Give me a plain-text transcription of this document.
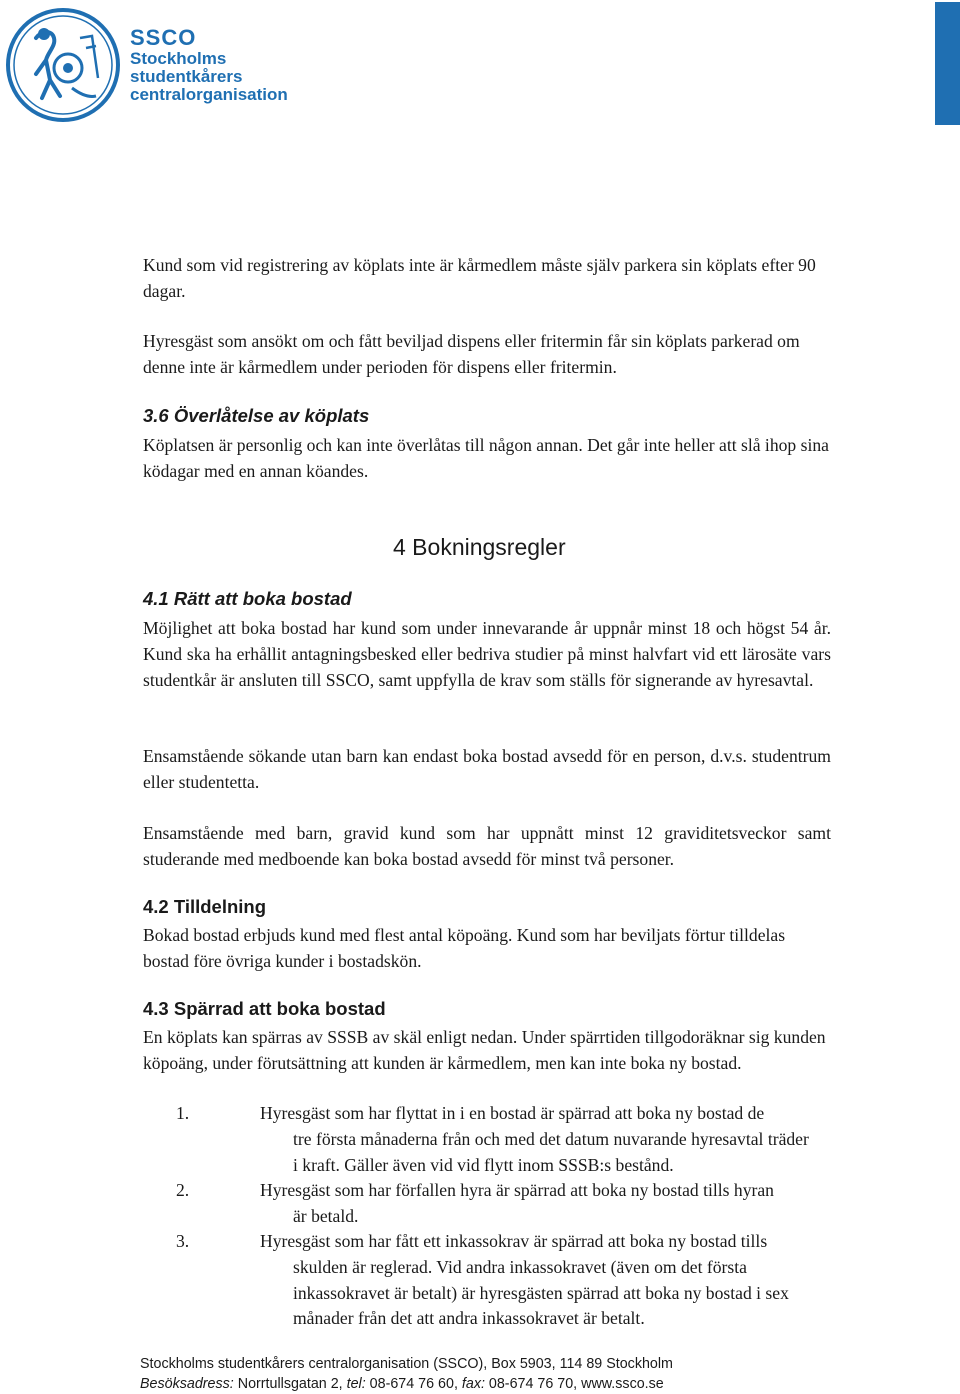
SSCO
Stockholms
studentkårers
centralorganisation

Kund som vid registrering av köplats inte är kårmedlem måste själv parkera sin köplats efter 90 dagar.

Hyresgäst som ansökt om och fått beviljad dispens eller fritermin får sin köplats parkerad om denne inte är kårmedlem under perioden för dispens eller fritermin.

3.6 Överlåtelse av köplats

Köplatsen är personlig och kan inte överlåtas till någon annan. Det går inte heller att slå ihop sina ködagar med en annan köandes.

4 Bokningsregler
4.1 Rätt att boka bostad

Möjlighet att boka bostad har kund som under innevarande år uppnår minst 18 och högst 54 år. Kund ska ha erhållit antagningsbesked eller bedriva studier på minst halvfart vid ett lärosäte vars studentkår är ansluten till SSCO, samt uppfylla de krav som ställs för signerande av hyresavtal.

Ensamstående sökande utan barn kan endast boka bostad avsedd för en person, d.v.s. studentrum eller studentetta.

Ensamstående med barn, gravid kund som har uppnått minst 12 graviditetsveckor samt studerande med medboende kan boka bostad avsedd för minst två personer.

4.2 Tilldelning

Bokad bostad erbjuds kund med flest antal köpoäng. Kund som har beviljats förtur tilldelas bostad före övriga kunder i bostadskön.

4.3 Spärrad att boka bostad

En köplats kan spärras av SSSB av skäl enligt nedan. Under spärrtiden tillgodoräknar sig kunden köpoäng, under förutsättning att kunden är kårmedlem, men kan inte boka ny bostad.

1.	Hyresgäst som har flyttat in i en bostad är spärrad att boka ny bostad de
tre första månaderna från och med det datum nuvarande hyresavtal träder i kraft. Gäller även vid vid flytt inom SSSB:s bestånd.
2.	Hyresgäst som har förfallen hyra är spärrad att boka ny bostad tills hyran
är betald.
3.	Hyresgäst som har fått ett inkassokrav är spärrad att boka ny bostad tills
skulden är reglerad. Vid andra inkassokravet (även om det första inkassokravet är betalt) är hyresgästen spärrad att boka ny bostad i sex månader från det att andra inkassokravet är betalt.
Stockholms studentkårers centralorganisation (SSCO), Box 5903, 114 89 Stockholm
Besöksadress: Norrtullsgatan 2, tel: 08-674 76 60, fax: 08-674 76 70, www.ssco.se
